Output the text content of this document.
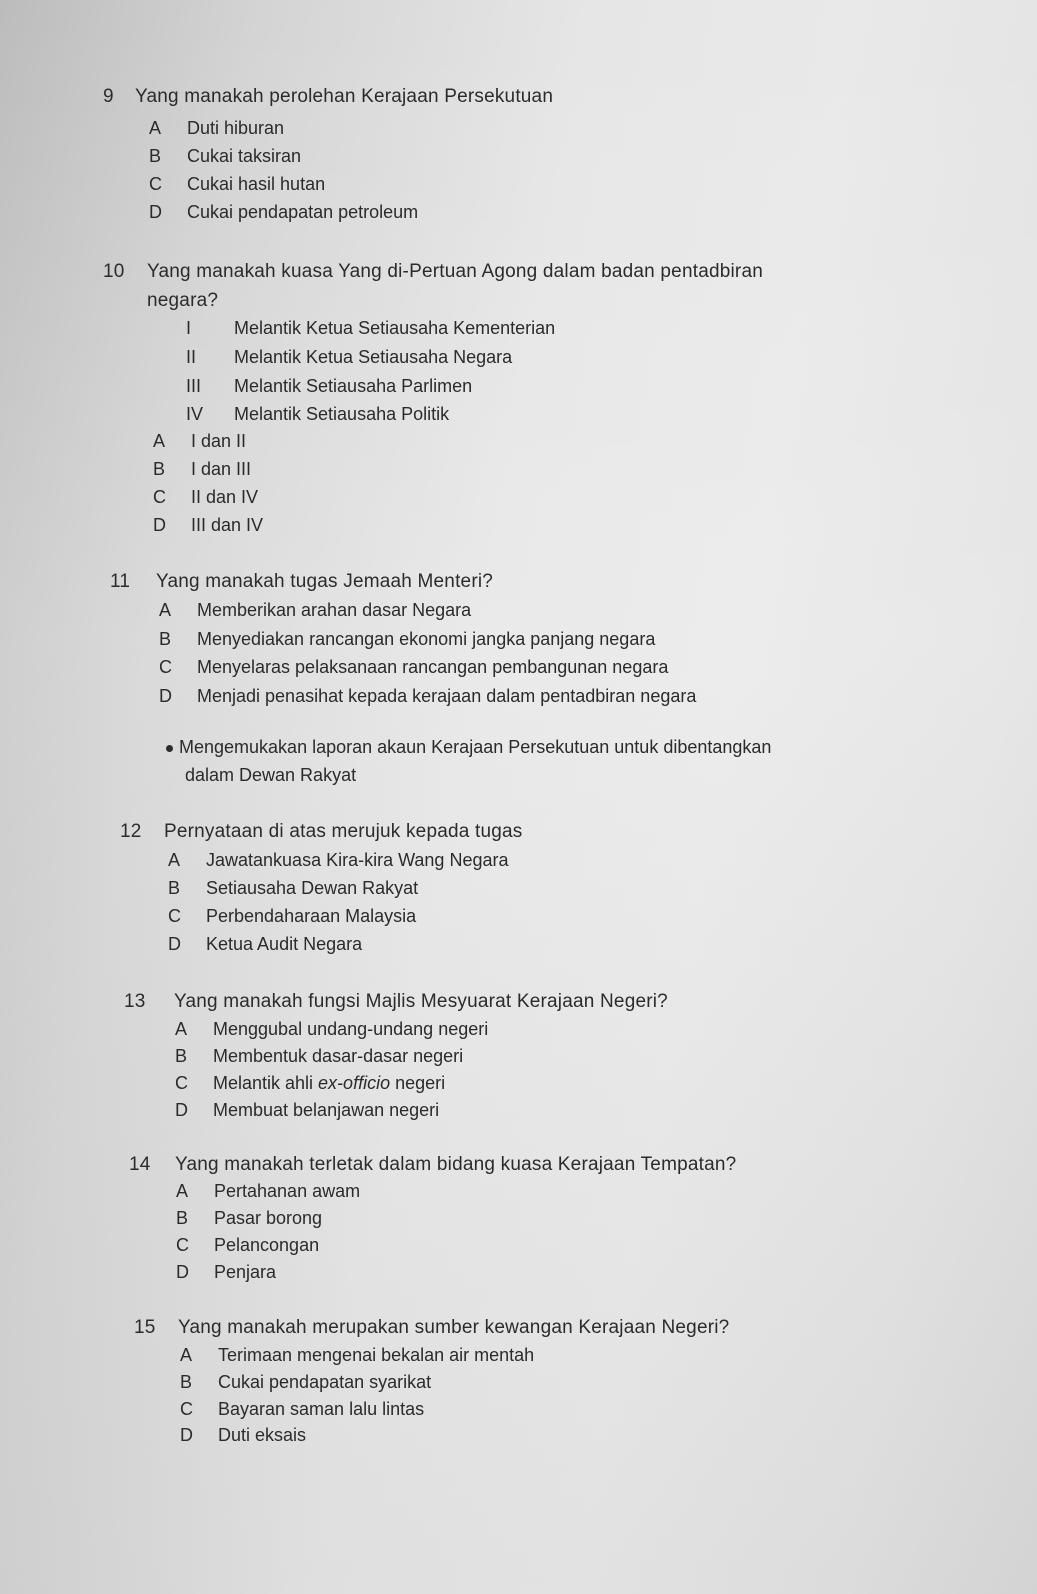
9 Yang manakah perolehan Kerajaan Persekutuan
A Duti hiburan
B Cukai taksiran
C Cukai hasil hutan
D Cukai pendapatan petroleum
10 Yang manakah kuasa Yang di-Pertuan Agong dalam badan pentadbiran
negara?
I Melantik Ketua Setiausaha Kementerian
II Melantik Ketua Setiausaha Negara
III Melantik Setiausaha Parlimen
IV Melantik Setiausaha Politik
A I dan II
B I dan III
C II dan IV
D III dan IV
11 Yang manakah tugas Jemaah Menteri?
A Memberikan arahan dasar Negara
B Menyediakan rancangan ekonomi jangka panjang negara
C Menyelaras pelaksanaan rancangan pembangunan negara
D Menjadi penasihat kepada kerajaan dalam pentadbiran negara
Mengemukakan laporan akaun Kerajaan Persekutuan untuk dibentangkan
dalam Dewan Rakyat
12 Pernyataan di atas merujuk kepada tugas
A Jawatankuasa Kira-kira Wang Negara
B Setiausaha Dewan Rakyat
C Perbendaharaan Malaysia
D Ketua Audit Negara
13 Yang manakah fungsi Majlis Mesyuarat Kerajaan Negeri?
A Menggubal undang-undang negeri
B Membentuk dasar-dasar negeri
C Melantik ahli ex-officio negeri
D Membuat belanjawan negeri
14 Yang manakah terletak dalam bidang kuasa Kerajaan Tempatan?
A Pertahanan awam
B Pasar borong
C Pelancongan
D Penjara
15 Yang manakah merupakan sumber kewangan Kerajaan Negeri?
A Terimaan mengenai bekalan air mentah
B Cukai pendapatan syarikat
C Bayaran saman lalu lintas
D Duti eksais
